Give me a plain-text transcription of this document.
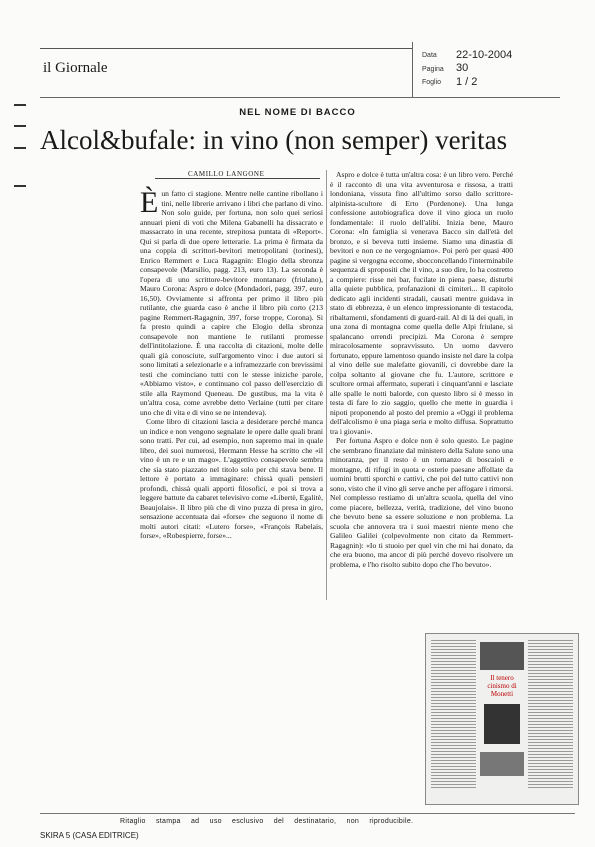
il Giornale
Data 22-10-2004
Pagina 30
Foglio 1 / 2
NEL NOME DI BACCO
Alcol&bufale: in vino (non semper) veritas
CAMILLO LANGONE
È un fatto ci stagione. Mentre nelle cantine ribollano i tini, nelle librerie arrivano i libri che parlano di vino. Non solo guide, per fortuna, non solo quei seriosi annuari pieni di voti che Milena Gabanelli ha dissacrato e massacrato in una recente, strepitosa puntata di «Report». Qui si parla di due opere letterarie. La prima è firmata da una coppia di scrittori-bevitori metropolitani (torinesi), Enrico Remmert e Luca Ragagnin: Elogio della sbronza consapevole (Marsilio, pagg. 213, euro 13). La seconda è l'opera di uno scrittore-bevitore montanaro (friulano), Mauro Corona: Aspro e dolce (Mondadori, pagg. 397, euro 16,50). Ovviamente si affronta per primo il libro più rutilante, che guarda caso è anche il libro più corto (213 pagine Remmert-Ragagnin, 397, forse troppe, Corona). Si fa presto quindi a capire che Elogio della sbronza consapevole non mantiene le rutilanti promesse dell'intitolazione. È una raccolta di citazioni, molte delle quali già conosciute, sull'argomento vino: i due autori si sono limitati a selezionarle e a inframezzarle con brevissimi testi che cominciano tutti con le stesse iniziche parole, «Abbiamo visto», e continuano col passo dell'esercizio di stile alla Raymond Queneau. De gustibus, ma la vita è un'altra cosa, come avrebbe detto Verlaine (tutti per citare uno che di vita e di vino se ne intendeva).

Come libro di citazioni lascia a desiderare perché manca un indice e non vengono segnalate le opere dalle quali brani sono tratti. Per cui, ad esempio, non sapremo mai in quale libro, dei suoi numerosi, Hermann Hesse ha scritto che «il vino è un re e un mago». L'aggettivo consapevole sembra che sia stato piazzato nel titolo solo per chi stava bene. Il lettore è portato a immaginare: chissà quali pensieri profondi, chissà quali apporti filosofici, e poi si trova a leggere battute da cabaret televisivo come «Libertè, Egalitè, Beaujolais». Il libro più che di vino puzza di presa in giro, sensazione accentuata dai «forse» che seguono il nome di molti autori citati: «Lutero forse», «François Rabelais, forse», «Robespierre, forse»...

Aspro e dolce è tutta un'altra cosa: è un libro vero. Perché è il racconto di una vita avventurosa e rissosa, a tratti londoniana, vissuta fino all'ultimo sorso dallo scrittore-alpinista-scultore di Erto (Pordenone). Una lunga confessione autobiografica dove il vino gioca un ruolo fondamentale: il ruolo dell'alibi. Inizia bene, Mauro Corona: «In famiglia si venerava Bacco sin dall'età del bronzo, e si beveva tutti insieme. Siamo una dinastia di bevitori e non ce ne vergogniamo». Poi però per quasi 400 pagine si vergogna eccome, sbocconcellando l'interminabile sequenza di spropositi che il vino, a suo dire, lo ha costretto a compiere: risse nei bar, fucilate in piena paese, disturbi alla quiete pubblica, profanazioni di cimiteri... Il capitolo dedicato agli incidenti stradali, causati mentre guidava in stato di ebbrezza, è un elenco impressionante di testacoda, ribaltamenti, sfondamenti di guard-rail. Al di là dei quali, in una zona di montagna come quella delle Alpi friulane, si spalancano orrendi precipizi. Ma Corona è sempre miracolosamente sopravvissuto. Un uomo davvero fortunato, eppure lamentoso quando insiste nel dare la colpa al vino delle sue malefatte giovanili, ci dovrebbe dare la colpa soltanto al giovane che fu. L'autore, scrittore e scultore ormai affermato, superati i cinquant'anni e lasciate alle spalle le notti balorde, con questo libro si è messo in testa di fare lo zio saggio, quello che mette in guardia i nipoti proponendo al posto del premio a «Oggi il problema dell'alcolismo è una piaga seria e molto diffusa. Soprattutto tra i giovani».

Per fortuna Aspro e dolce non è solo questo. Le pagine che sembrano finanziate dal ministero della Salute sono una minoranza, per il resto è un romanzo di boscaioli e montagne, di rifugi in quota e osterie paesane affollate da uomini brutti sporchi e cattivi, che poi del tutto cattivi non sono, visto che il vino gli serve anche per affogare i rimorsi. Nel complesso restiamo di un'altra scuola, quella del vino come piacere, bellezza, verità, tradizione, del vino buono che bevuto bene sa essere soluzione e non problema. La scuola che annovera tra i suoi maestri niente meno che Galileo Galilei (colpevolmente non citato da Remmert-Ragagnin): «Io ti stuoio per quel vin che mi hai donato, da che era buono, ma ancor di più perché dovevo risolvere un problema, e l'ho risolto subito dopo che l'ho bevuto».

Il tenero cinismo di Monetti
Ritaglio stampa ad uso esclusivo del destinatario, non riproducibile.
SKIRA 5 (CASA EDITRICE)
